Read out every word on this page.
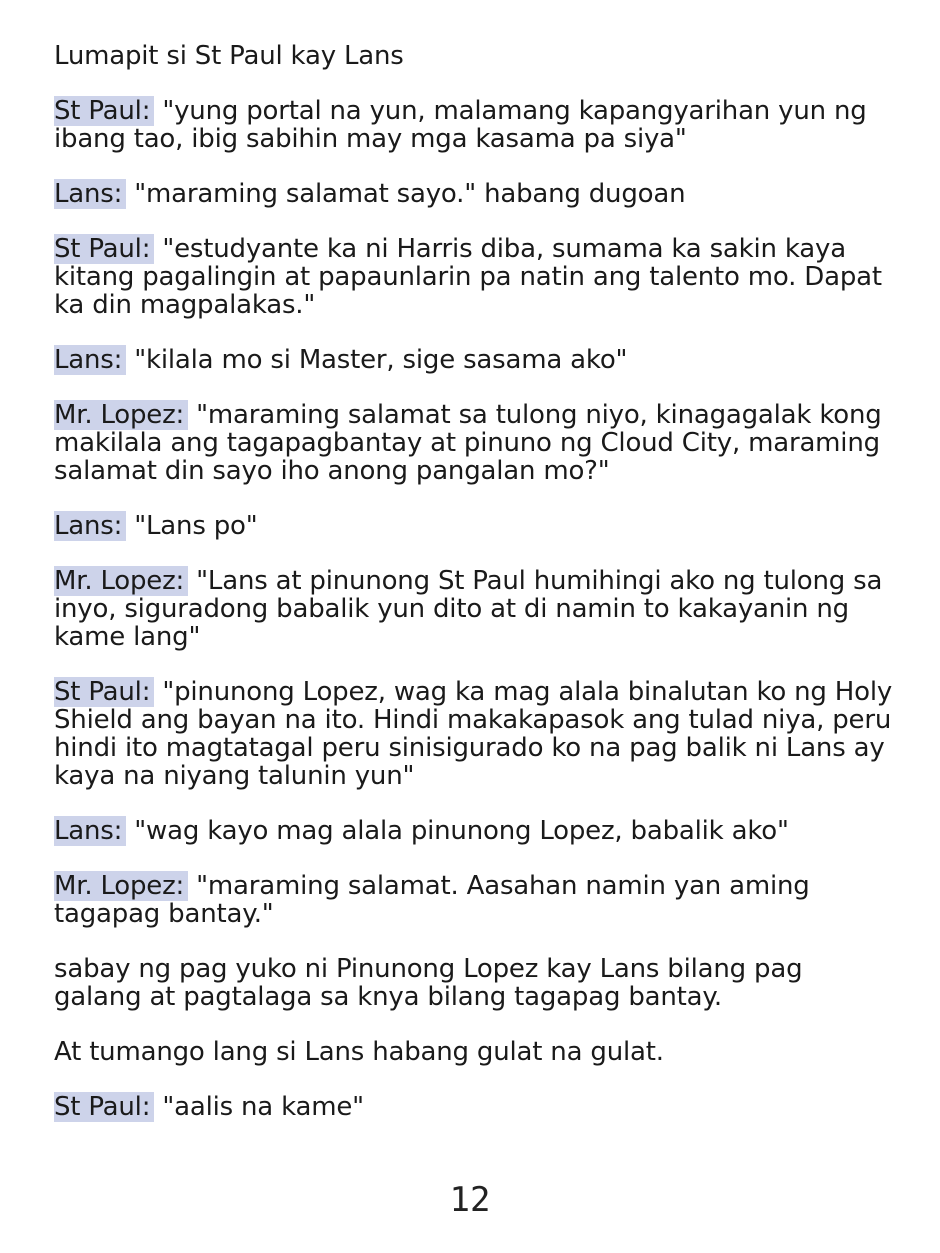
Lumapit si St Paul kay Lans

St Paul: "yung portal na yun, malamang kapangyarihan yun ng ibang tao, ibig sabihin may mga kasama pa siya"

Lans: "maraming salamat sayo." habang dugoan

St Paul: "estudyante ka ni Harris diba, sumama ka sakin kaya kitang pagalingin at papaunlarin pa natin ang talento mo. Dapat ka din magpalakas."

Lans: "kilala mo si Master, sige sasama ako"

Mr. Lopez: "maraming salamat sa tulong niyo, kinagagalak kong makilala ang tagapagbantay at pinuno ng Cloud City, maraming salamat din sayo iho anong pangalan mo?"

Lans: "Lans po"

Mr. Lopez: "Lans at pinunong St Paul humihingi ako ng tulong sa inyo, siguradong babalik yun dito at di namin to kakayanin ng kame lang"

St Paul: "pinunong Lopez, wag ka mag alala binalutan ko ng Holy Shield ang bayan na ito. Hindi makakapasok ang tulad niya, peru hindi ito magtatagal peru sinisigurado ko na pag balik ni Lans ay kaya na niyang talunin yun"

Lans: "wag kayo mag alala pinunong Lopez, babalik ako"

Mr. Lopez: "maraming salamat. Aasahan namin yan aming tagapag bantay."

sabay ng pag yuko ni Pinunong Lopez kay Lans bilang pag galang at pagtalaga sa knya bilang tagapag bantay.

At tumango lang si Lans habang gulat na gulat.

St Paul: "aalis na kame"

12
